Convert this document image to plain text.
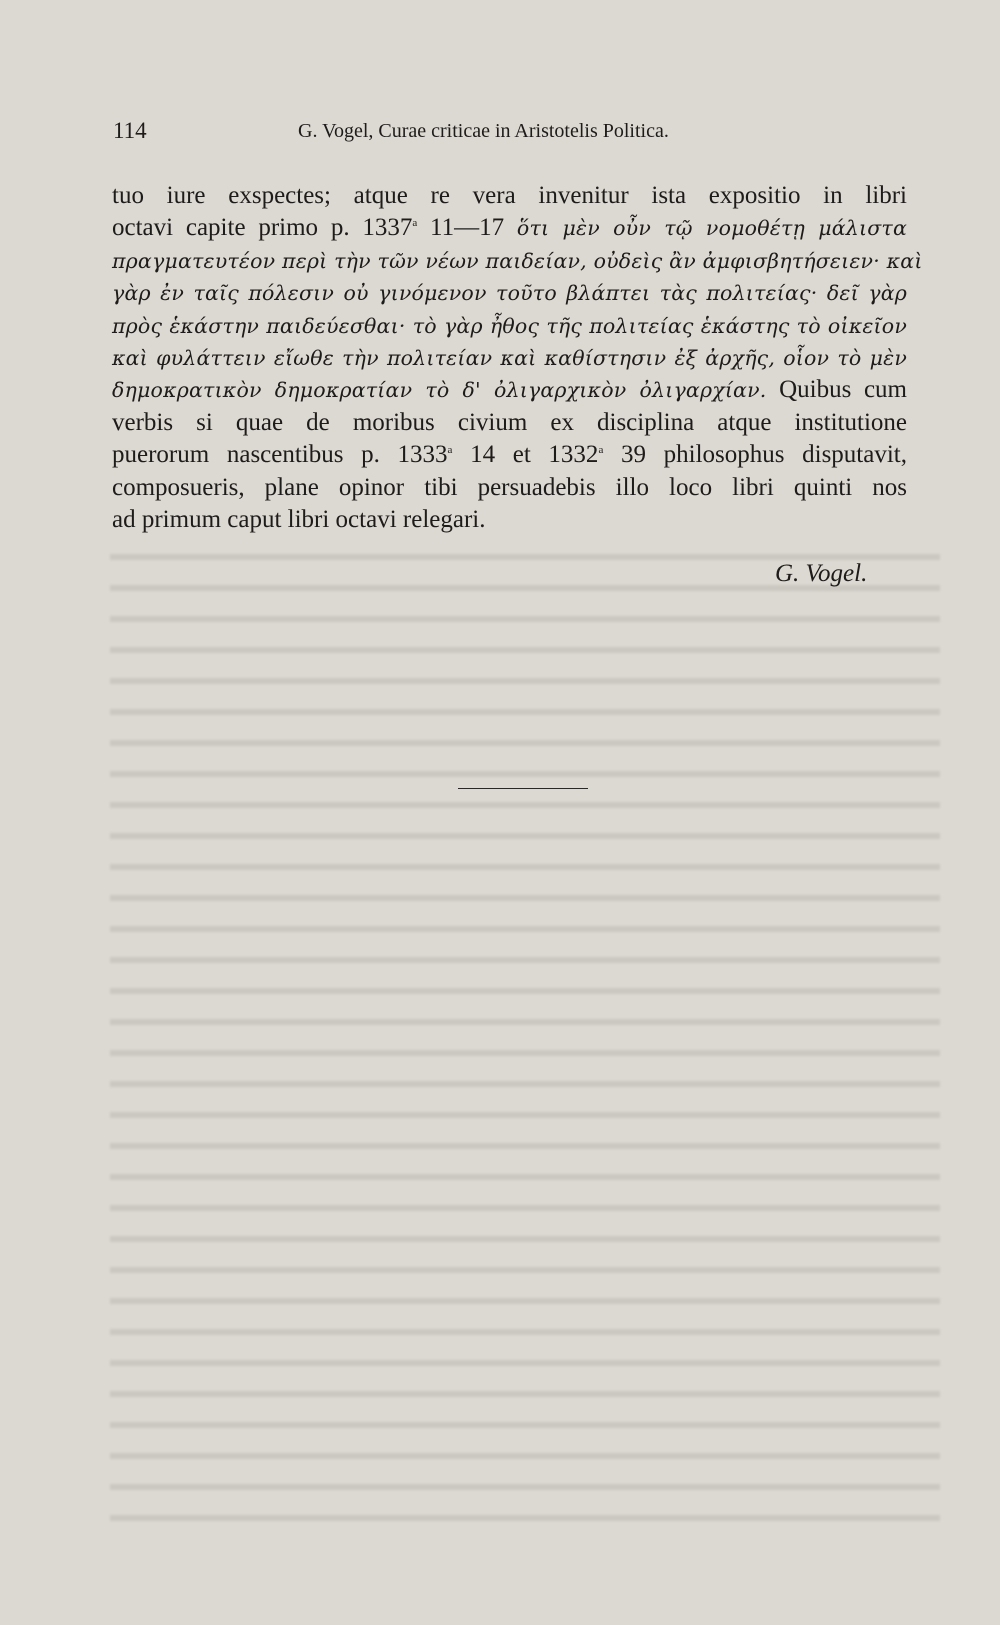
114	G. Vogel, Curae criticae in Aristotelis Politica.
tuo iure exspectes; atque re vera invenitur ista expositio in libri
octavi capite primo p. 1337$^a$ 11—17 ὅτι μὲν οὖν τῷ νομοθέτῃ μάλιστα
πραγματευτέον περὶ τὴν τῶν νέων παιδείαν, οὐδεὶς ἂν ἀμφισβητήσειεν· καὶ
γὰρ ἐν ταῖς πόλεσιν οὐ γινόμενον τοῦτο βλάπτει τὰς πολιτείας· δεῖ γὰρ
πρὸς ἑκάστην παιδεύεσθαι· τὸ γὰρ ἦθος τῆς πολιτείας ἑκάστης τὸ οἰκεῖον
καὶ φυλάττειν εἴωθε τὴν πολιτείαν καὶ καθίστησιν ἐξ ἀρχῆς, οἷον τὸ μὲν
δημοκρατικὸν δημοκρατίαν τὸ δ' ὀλιγαρχικὸν ὀλιγαρχίαν. Quibus cum
verbis si quae de moribus civium ex disciplina atque institutione
puerorum nascentibus p. 1333$^a$ 14 et 1332$^a$ 39 philosophus disputavit,
composueris, plane opinor tibi persuadebis illo loco libri quinti nos
ad primum caput libri octavi relegari.
G. Vogel.
